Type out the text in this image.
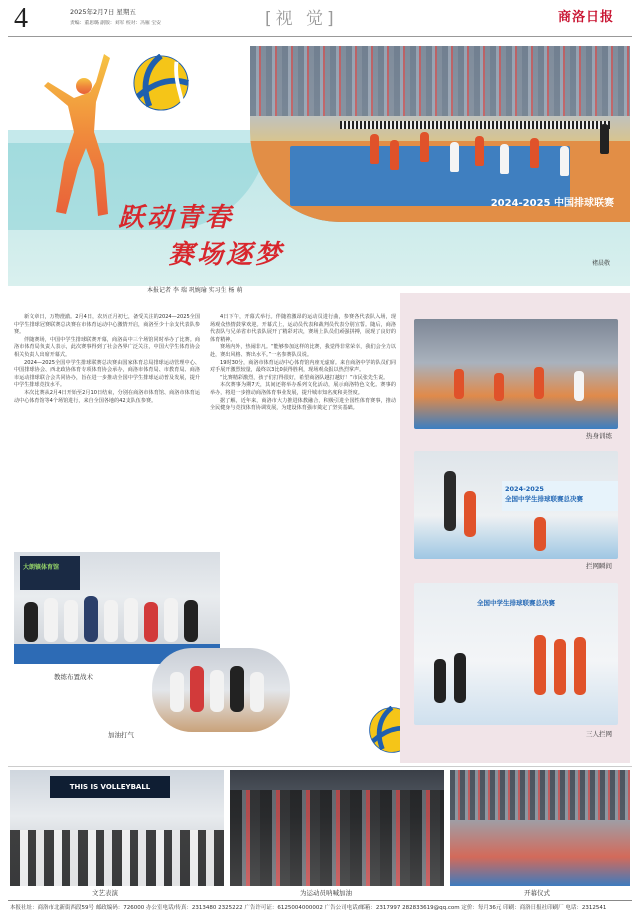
4	2025年2月7日 星期五
责编：董思璐 副版：刘军 校对：冯雁 宝安	[视 觉]	商洛日报
2024-2025 中国排球联赛
跃动青春
赛场逐梦	褚晨敬
本报记者 李 瑞 巩婉瑜 实习生 杨 萌

新文章日，万物澄澈。2月4日，农历正月初七，备受关注的2024—2025全国中学生排球冠赛联赛总决赛在市体育运动中心激情开启，商洛至少十余支代表队参赛。

伴随赛场，中国中学生排球联赛开幕，商洛高中三个场馆同时举办了比赛。商洛市体育局负责人表示，此次赛事得到了社会各界广泛关注，中国大学生体育协会相关负责人出席开幕式。

2024—2025全国中学生排球联赛总决赛由国家体育总局排球运动管理中心、中国排球协会、西北政协体育专项体育协会承办，商洛市体育局、市教育局、商洛市运动排球联合会共同协办，旨在进一步推动全国中学生排球运动普及发展，提升中学生排球竞技水平。

本次比赛从2月4日开始至2月10日结束，分别在商洛市体育馆、商洛市体育运动中心体育馆等4个场馆进行，来自全国各地的42支队伍参赛。

4日下午，开幕式举行。伴随着激昂的运动员进行曲，参赛各代表队入场，现场观众热情鼓掌欢迎。开幕式上，运动员代表和裁判员代表分别宣誓。随后，商洛代表队与兄弟省市代表队展开了精彩对决，赛场上队员们顽强拼搏，展现了良好的体育精神。

赛场内外，热闹非凡。“能够参加这样的比赛，我觉得非常荣幸，我们会全力以赴，赛出风格、赛出水平。”一名参赛队员说。

19时30分，商洛市体育运动中心体育馆内座无虚席。来自商洛中学的队员们同对手展开激烈较量，最终以3比0获得胜利，现场观众报以热烈掌声。

“比赛精彩激烈，孩子们打得很好，希望商洛队越打越好！”市民张先生说。

本次赛事为期7天，其间还将举办系列文化活动，展示商洛特色文化。赛事的举办，将进一步推动商洛体育事业发展，提升城市知名度和美誉度。

据了解，近年来，商洛市大力推进体教融合，积极引进全国性体育赛事，推动全民健身与竞技体育协调发展，为建设体育强市奠定了坚实基础。

大朗镇体育馆
教练布置战术
加油打气
热身训练
2024-2025
全国中学生排球联赛总决赛
拦网瞬间
全国中学生排球联赛总决赛
三人拦网
THIS IS VOLLEYBALL
文艺表演	为运动员呐喊加油	开幕仪式
本报社址：商洛市北新街西段59号 邮政编码：726000 办公室电话/传真：2313480 2325222 广告许可证：6125004000002 广告公司电话/邮箱：2317997 282833619@qq.com 定价：每月36元 印刷：商洛日报社印刷厂 电话：2312541
